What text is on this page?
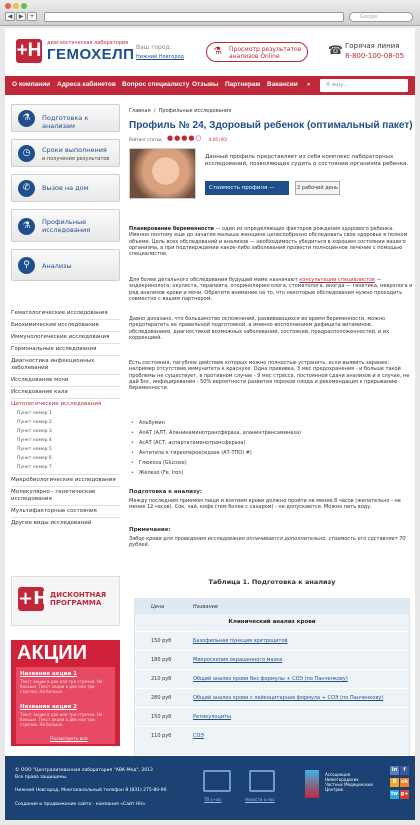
◀	▶	+	Google
+Н диагностическая лаборатория
ГЕМОХЕЛП Ваш город:
Нижний Новгород	⚗ Просмотр результатов анализов Online	☎ Горячая линия
8-800-100-08-05
О компании Адреса кабинетов Вопрос специалисту Отзывы Партнерам Вакансии ⌕	Я ищу...
⚗	Подготовка к анализам
◷	Сроки выполнения
и получения результатов
✆	Вызов на дом
⚗	Профильные исследования
⚲	Анализы
Гематологические исследования
Биохимические исследования
Иммунологические исследования
Гормональные исследования
Диагностика инфекционных заболеваний
Исследование мочи
Исследование кала
Цитологические исследования
Пункт номер 1
Пункт номер 2
Пункт номер 3
Пункт номер 4
Пункт номер 5
Пункт номер 6
Пункт номер 7
Микробиологические исследования
Молекулярно - генетические исследования
Мультифакторные состояния
Другие виды исследований
+Н ДИСКОНТНАЯ ПРОГРАММА
АКЦИИ
Название акции 1
Текст акции в две или три строчки. Не больше. Текст акции в две или три строчки. Не больше.
Название акции 2
Текст акции в две или три строчки. Не больше. Текст акции в две или три строчки. Не больше.
Посмотреть все
Главная  /  Профильные исследования
Профиль № 24, Здоровый ребенок (оптимальный пакет)
Рейтинг статьи ●●●●○ 4.05 (40)
Данный профиль представляет из себя комплекс лабораторных исследований, позволяющих судить о состоянии организма ребенка.
Стоимость профиля — 2900 руб.
2 рабочий день
Планирование беременности — один из определяющих факторов рождения здорового ребенка. Именно поэтому еще до зачатия малыша женщине целесообразно обследовать свое здоровье в полном объеме. Цель всех обследований и анализов — необходимость убедиться в хорошем состоянии вашего организма, а при подтверждении какое-либо заболевания провести полноценное лечение с помощью специалистов.
Для более детального обследования будущей маме назначают консультации специалистов — эндокринолога, окулиста, терапевта, оториноларинголога, стоматолога, иногда — генетика, невролога и ряд анализов крови и мочи. Обратите внимание на то, что некоторые обследования нужно проходить совместно с вашим партнером.
Давно доказано, что большинство осложнений, развивающихся во время беременности, можно предотвратить ее правильной подготовкой, а именно восполнением дефицита витаминов, обследованием, диагностикой возможных заболеваний, состояний, предрасположенностей, и их коррекцией.
Есть состояния, пагубное действие которых можно полностью устранить, если выявить заранее: например отсутствие иммунитета к краснухе. Одна прививка, 3 мес предохранения - и больше такой проблемы не существует, в противном случае - 9 мес стресса, постоянной сдачи анализов и в случае, не дай Бог, инфицирования - 50% вероятности развития пороков плода и рекомендация к прерыванию беременности.
• Альбумин
• АлАТ (АЛТ, Аланинаминотрансфераза, аланинтрансаминаза)
• АсАТ (АСТ, аспартатаминотрансфераза)
• Антитела к тиреопероксидазе (АТ-ТПО) #)
• Глюкоза (Glucose)
• Железо (Fe, Iron)
Подготовка к анализу:
Между последним приемом пищи и взятием крови должно пройти не менее 8 часов (желательно - не менее 12 часов). Сок, чай, кофе (тем более с сахаром) - не допускаются. Можно пить воду.
Примечание:
Забор крови для проведения исследования оплачивается дополнительно, стоимость его составляет 70 рублей.
Таблица 1. Подготовка к анализу
Цена	Название
Клинический анализ крови
150 руб	Базофильная пункция эритроцитов
180 руб	Микроскопия окрашенного мазка
210 руб	Общий анализ крови без формулы + СОЭ (по Панченкову)
280 руб	Общий анализ крови с лейкоцитарная формула + СОЭ (по Панченкову)
150 руб	Ретикулоциты
110 руб	СОЭ
© ООО "Централизованная лаборатория "АВК-Мед", 2013
Все права защищены.
Нижний Новгород, Многоканальный телефон 8 (831) 275-80-90
Создание и продвижение сайта - компания «Сайт НН»
ТВ о нас	Новости о нас
Ассоциация Нижегородских Частных Медицинских Центров
in	f
B ok
tw g+
